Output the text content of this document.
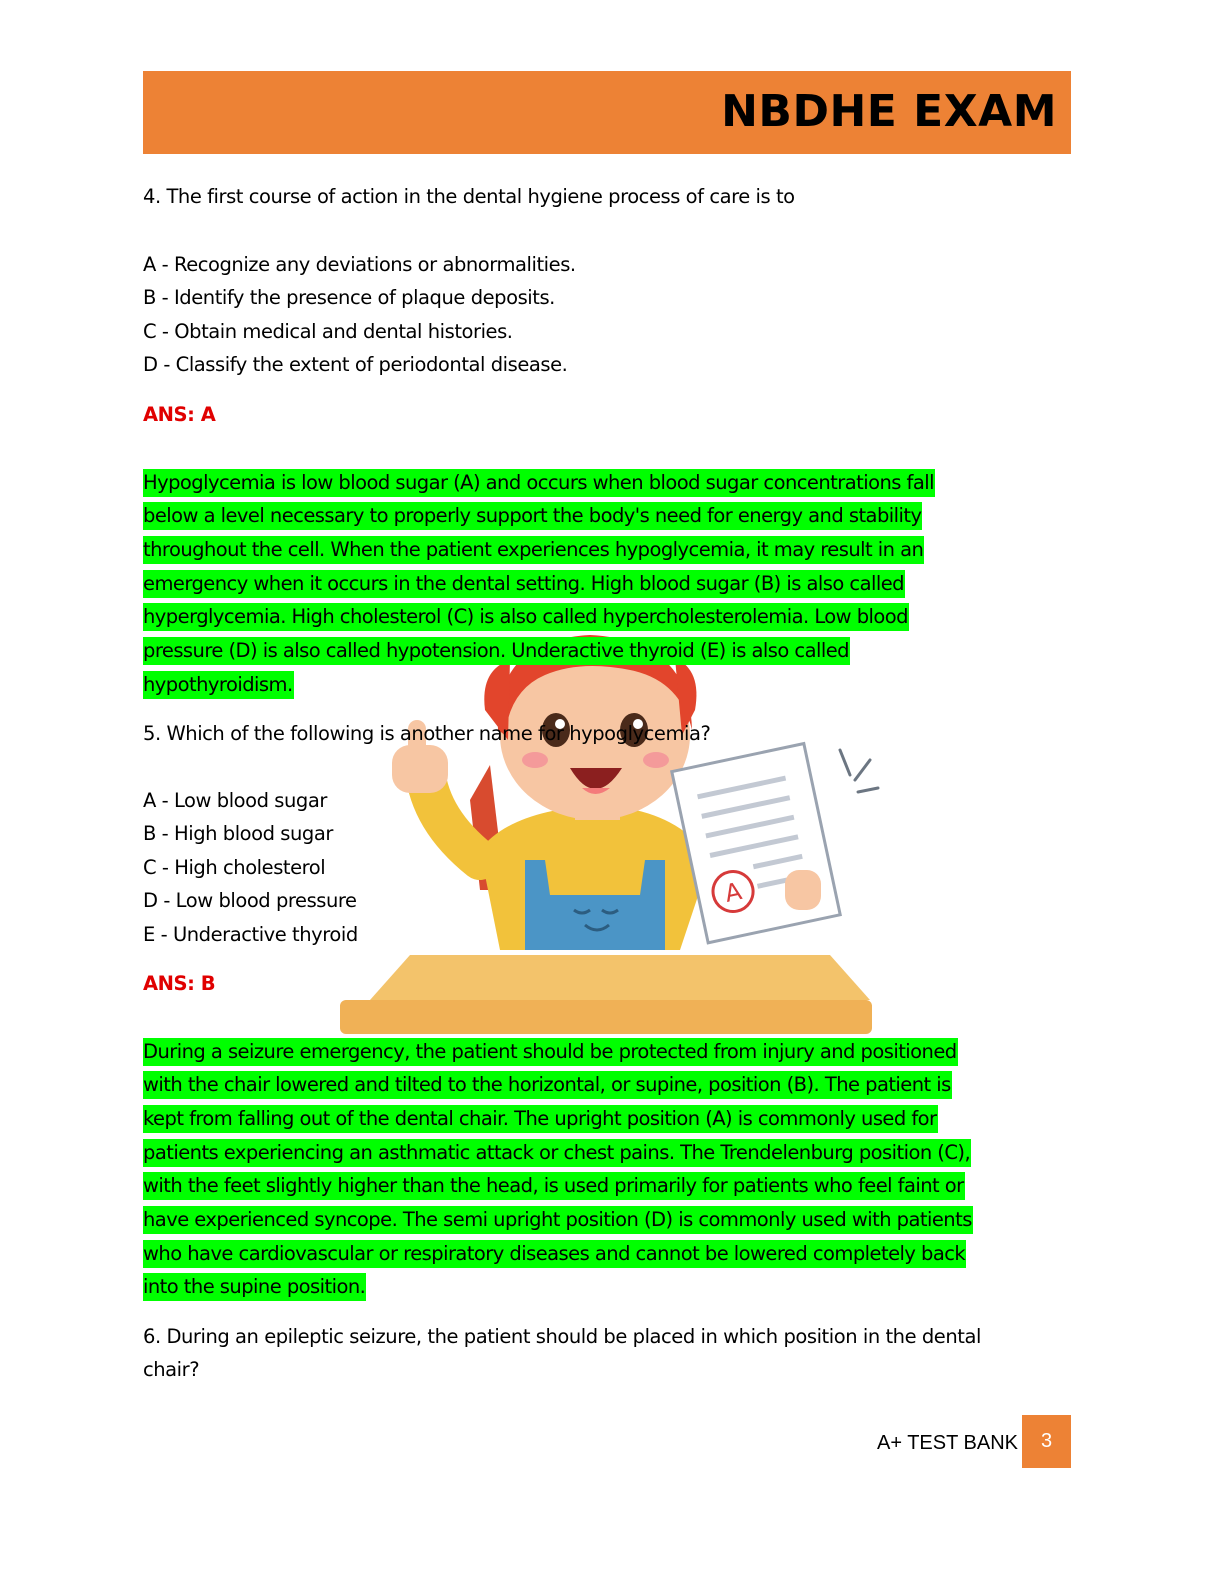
NBDHE EXAM
A
4. The first course of action in the dental hygiene process of care is to
A - Recognize any deviations or abnormalities.
B - Identify the presence of plaque deposits.
C - Obtain medical and dental histories.
D - Classify the extent of periodontal disease.
ANS: A
Hypoglycemia is low blood sugar (A) and occurs when blood sugar concentrations fall
below a level necessary to properly support the body's need for energy and stability
throughout the cell. When the patient experiences hypoglycemia, it may result in an
emergency when it occurs in the dental setting. High blood sugar (B) is also called
hyperglycemia. High cholesterol (C) is also called hypercholesterolemia. Low blood
pressure (D) is also called hypotension. Underactive thyroid (E) is also called
hypothyroidism.
5. Which of the following is another name for hypoglycemia?
A - Low blood sugar
B - High blood sugar
C - High cholesterol
D - Low blood pressure
E - Underactive thyroid
ANS: B
During a seizure emergency, the patient should be protected from injury and positioned
with the chair lowered and tilted to the horizontal, or supine, position (B). The patient is
kept from falling out of the dental chair. The upright position (A) is commonly used for
patients experiencing an asthmatic attack or chest pains. The Trendelenburg position (C),
with the feet slightly higher than the head, is used primarily for patients who feel faint or
have experienced syncope. The semi upright position (D) is commonly used with patients
who have cardiovascular or respiratory diseases and cannot be lowered completely back
into the supine position.
6. During an epileptic seizure, the patient should be placed in which position in the dental
chair?
A+ TEST BANK	3
